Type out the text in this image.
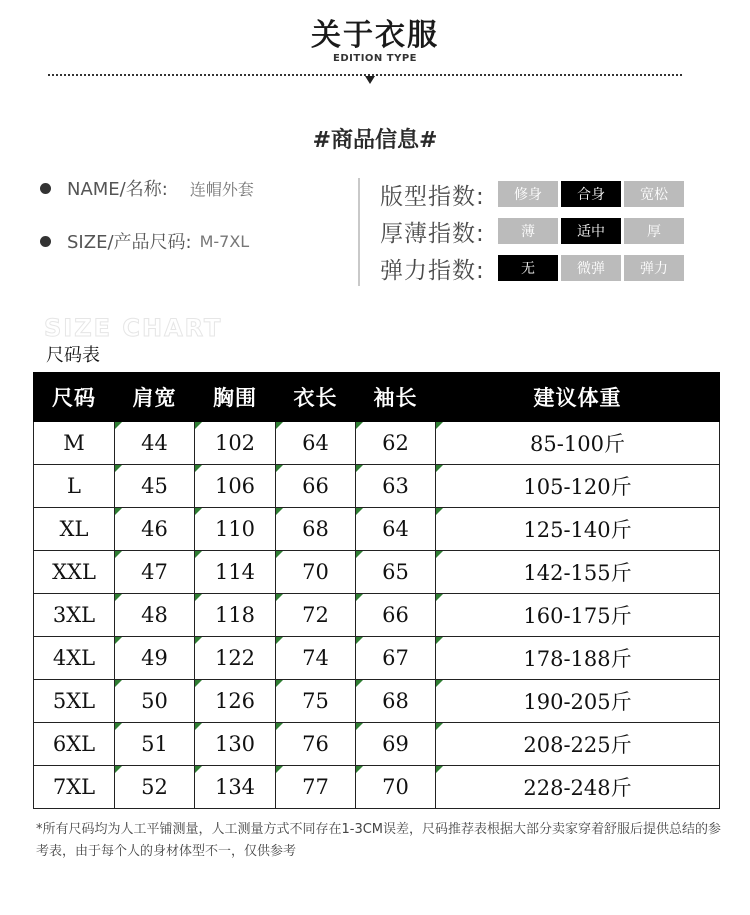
关于衣服
EDITION TYPE
#商品信息#
NAME/名称: 连帽外套
SIZE/产品尺码: M-7XL
版型指数:	修身	合身	宽松
厚薄指数:	薄	适中	厚
弹力指数:	无	微弹	弹力
SIZE CHART
尺码表
尺码	肩宽	胸围	衣长	袖长	建议体重
M	44	102	64	62	85-100斤
L	45	106	66	63	105-120斤
XL	46	110	68	64	125-140斤
XXL	47	114	70	65	142-155斤
3XL	48	118	72	66	160-175斤
4XL	49	122	74	67	178-188斤
5XL	50	126	75	68	190-205斤
6XL	51	130	76	69	208-225斤
7XL	52	134	77	70	228-248斤
*所有尺码均为人工平铺测量，人工测量方式不同存在1-3CM误差，尺码推荐表根据大部分卖家穿着舒服后提供总结的参考表，由于每个人的身材体型不一，仅供参考
